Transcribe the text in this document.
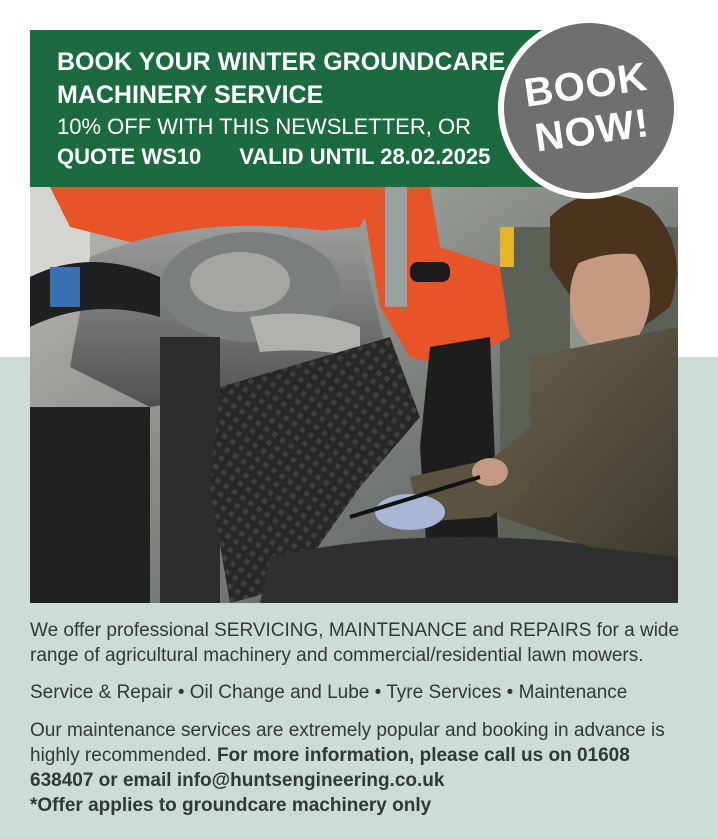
BOOK YOUR WINTER GROUNDCARE
MACHINERY SERVICE
10% OFF WITH THIS NEWSLETTER, OR
QUOTE WS10 VALID UNTIL 28.02.2025
BOOK
NOW!

We offer professional SERVICING, MAINTENANCE and REPAIRS for a wide range of agricultural machinery and commercial/residential lawn mowers.

Service & Repair • Oil Change and Lube • Tyre Services • Maintenance

Our maintenance services are extremely popular and booking in advance is highly recommended. For more information, please call us on 01608 638407 or email info@huntsengineering.co.uk

*Offer applies to groundcare machinery only
